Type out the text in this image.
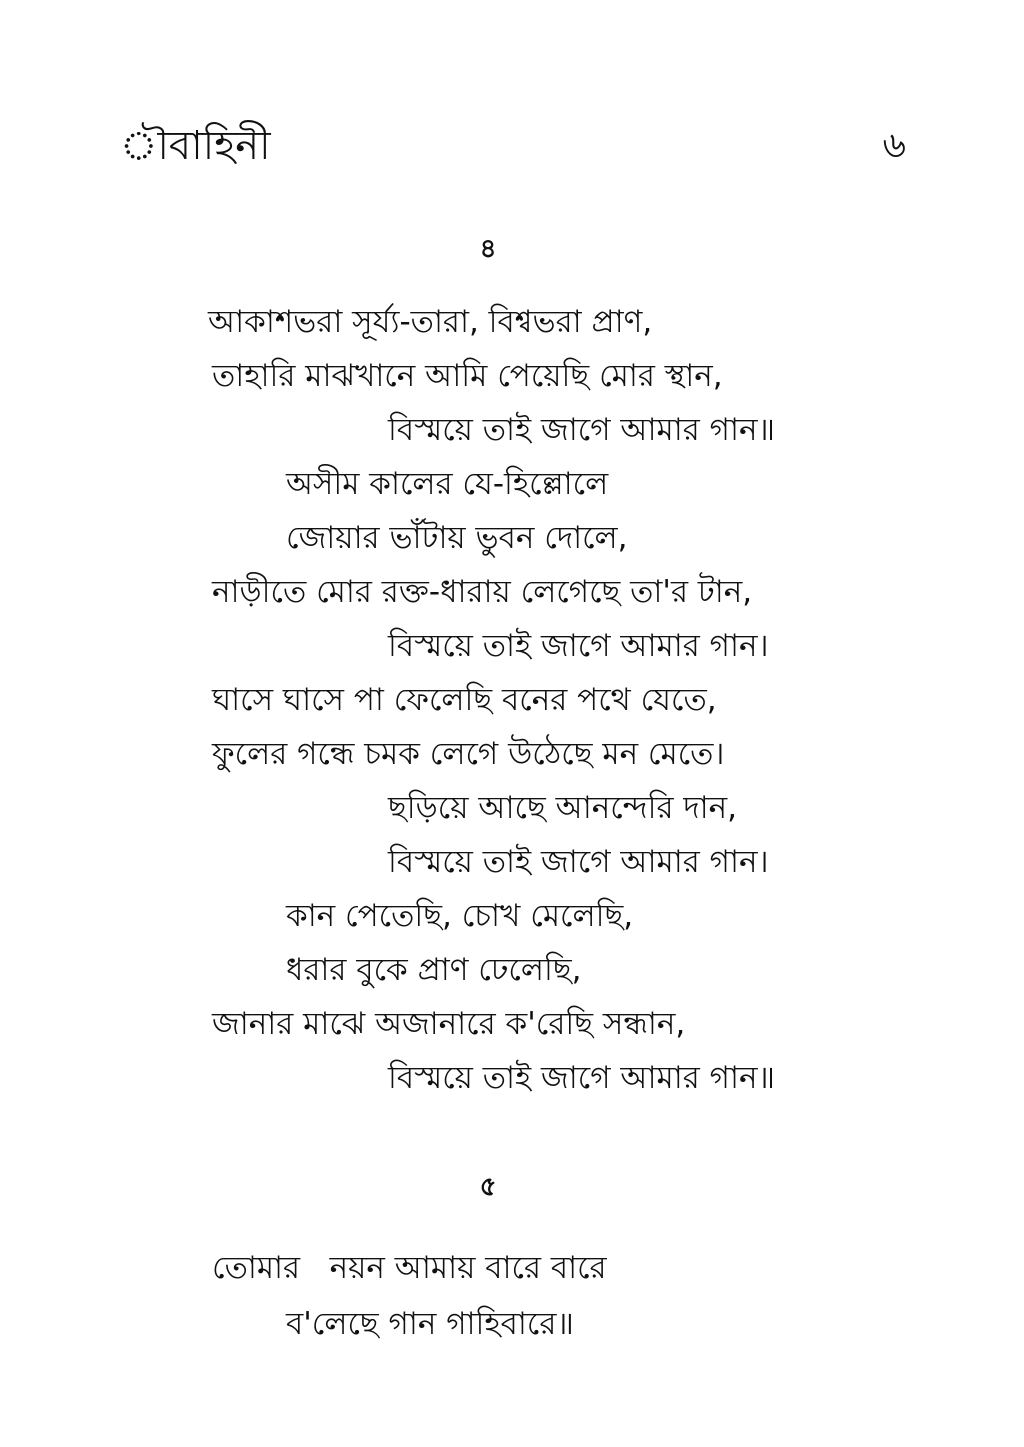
ৗবাহিনী	৬
৪
আকাশভরা সূর্য্য-তারা, বিশ্বভরা প্রাণ,
তাহারি মাঝখানে আমি পেয়েছি মোর স্থান,
বিস্ময়ে তাই জাগে আমার গান॥
অসীম কালের যে-হিল্লোলে
জোয়ার ভাঁটায় ভুবন দোলে,
নাড়ীতে মোর রক্ত-ধারায় লেগেছে তা'র টান,
বিস্ময়ে তাই জাগে আমার গান।
ঘাসে ঘাসে পা ফেলেছি বনের পথে যেতে,
ফুলের গন্ধে চমক লেগে উঠেছে মন মেতে।
ছড়িয়ে আছে আনন্দেরি দান,
বিস্ময়ে তাই জাগে আমার গান।
কান পেতেছি, চোখ মেলেছি,
ধরার বুকে প্রাণ ঢেলেছি,
জানার মাঝে অজানারে ক'রেছি সন্ধান,
বিস্ময়ে তাই জাগে আমার গান॥
৫
তোমার   নয়ন আমায় বারে বারে
ব'লেছে গান গাহিবারে॥
